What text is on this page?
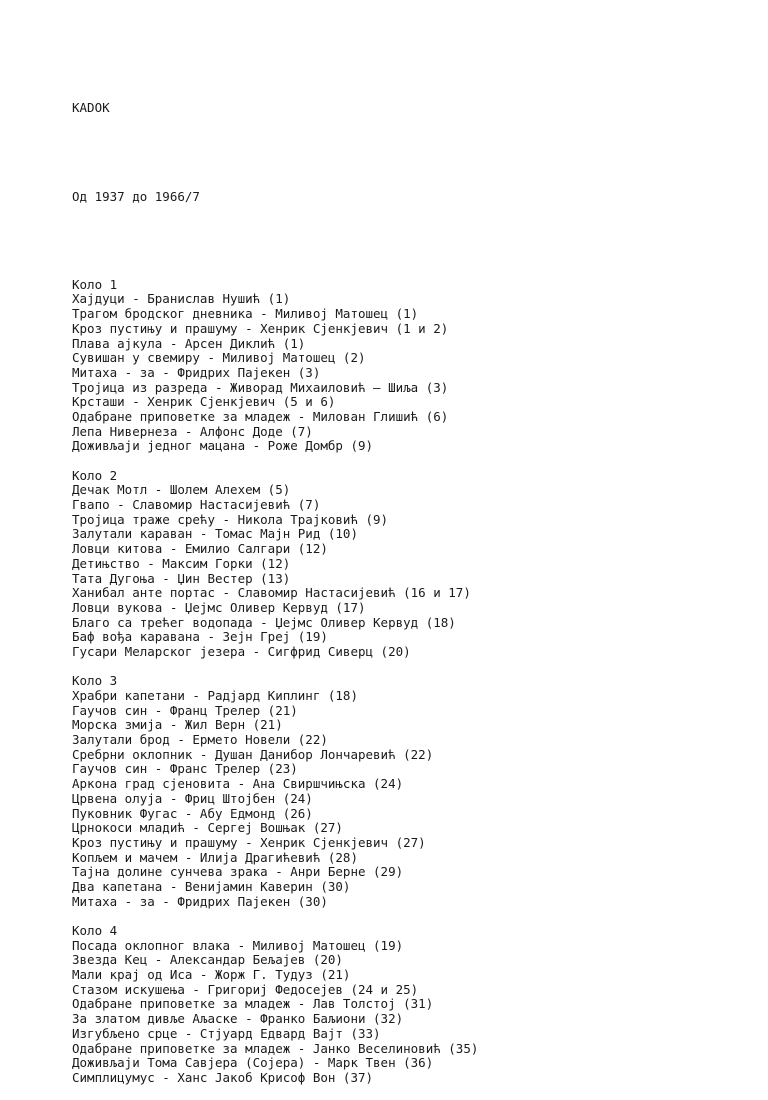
KADOK

Од 1937 до 1966/7

Коло 1
Хајдуци - Бранислав Нушић (1)
Трагом бродског дневника - Миливој Матошец (1)
Кроз пустињу и прашуму - Хенрик Сјенкјевич (1 и 2)
Плава ајкула - Арсен Диклић (1)
Сувишан у свемиру - Миливој Матошец (2)
Митаха - за - Фридрих Пајекен (3)
Тројица из разреда - Живорад Михаиловић – Шиља (3)
Крсташи - Хенрик Сјенкјевич (5 и 6)
Одабране приповетке за младеж - Милован Глишић (6)
Лепа Нивернеза - Алфонс Доде (7)
Доживљаји једног мацана - Роже Домбр (9)
Коло 2
Дечак Мотл - Шолем Алехем (5)
Гвапо - Славомир Настасијевић (7)
Тројица траже срећу - Никола Трајковић (9)
Залутали караван - Томас Мајн Рид (10)
Ловци китова - Емилио Салгари (12)
Детињство - Максим Горки (12)
Тата Дугоња - Џин Вестер (13)
Ханибал анте портас - Славомир Настасијевић (16 и 17)
Ловци вукова - Џејмс Оливер Кервуд (17)
Благо са трећег водопада - Џејмс Оливер Кервуд (18)
Баф вођа каравана - Зејн Греј (19)
Гусари Меларског језера - Сигфрид Сиверц (20)
Коло 3
Храбри капетани - Радјард Киплинг (18)
Гаучов син - Франц Трелер (21)
Морска змија - Жил Верн (21)
Залутали брод - Ермето Новели (22)
Сребрни оклопник - Душан Данибор Лончаревић (22)
Гаучов син - Франс Трелер (23)
Аркона град сјеновита - Ана Свиршчињска (24)
Црвена олуја - Фриц Штојбен (24)
Пуковник Фугас - Абу Едмонд (26)
Црнокоси младић - Сергеј Вошњак (27)
Кроз пустињу и прашуму - Хенрик Сјенкјевич (27)
Копљем и мачем - Илија Драгићевић (28)
Тајна долине сунчева зрака - Анри Берне (29)
Два капетана - Венијамин Каверин (30)
Митаха - за - Фридрих Пајекен (30)
Коло 4
Посада оклопног влака - Миливој Матошец (19)
Звезда Кец - Александар Бељајев (20)
Мали крај од Иса - Жорж Г. Тудуз (21)
Стазом искушења - Григориј Федосејев (24 и 25)
Одабране приповетке за младеж - Лав Толстој (31)
За златом дивље Аљаске - Франко Баљиони (32)
Изгубљено срце - Стјуард Едвард Вајт (33)
Одабране приповетке за младеж - Јанко Веселиновић (35)
Доживљаји Тома Савјера (Сојера) - Марк Твен (36)
Симплицумус - Ханс Јакоб Крисоф Вон (37)
